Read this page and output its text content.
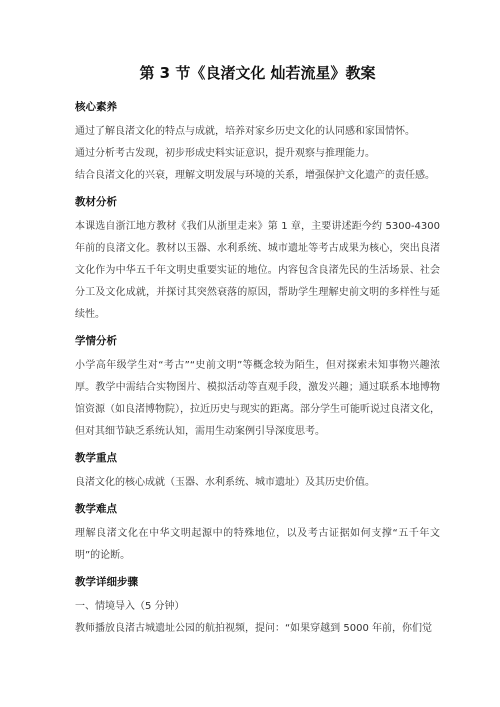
第 3 节《良渚文化 灿若流星》教案
核心素养
通过了解良渚文化的特点与成就，培养对家乡历史文化的认同感和家国情怀。
通过分析考古发现，初步形成史料实证意识，提升观察与推理能力。
结合良渚文化的兴衰，理解文明发展与环境的关系，增强保护文化遗产的责任感。
教材分析
本课选自浙江地方教材《我们从浙里走来》第 1 章，主要讲述距今约 5300-4300 年前的良渚文化。教材以玉器、水利系统、城市遗址等考古成果为核心，突出良渚文化作为中华五千年文明史重要实证的地位。内容包含良渚先民的生活场景、社会分工及文化成就，并探讨其突然衰落的原因，帮助学生理解史前文明的多样性与延续性。
学情分析
小学高年级学生对“考古”“史前文明”等概念较为陌生，但对探索未知事物兴趣浓厚。教学中需结合实物图片、模拟活动等直观手段，激发兴趣；通过联系本地博物馆资源（如良渚博物院），拉近历史与现实的距离。部分学生可能听说过良渚文化，但对其细节缺乏系统认知，需用生动案例引导深度思考。
教学重点
良渚文化的核心成就（玉器、水利系统、城市遗址）及其历史价值。
教学难点
理解良渚文化在中华文明起源中的特殊地位，以及考古证据如何支撑“五千年文明”的论断。
教学详细步骤
一、情境导入（5 分钟）
教师播放良渚古城遗址公园的航拍视频，提问：“如果穿越到 5000 年前，你们觉
